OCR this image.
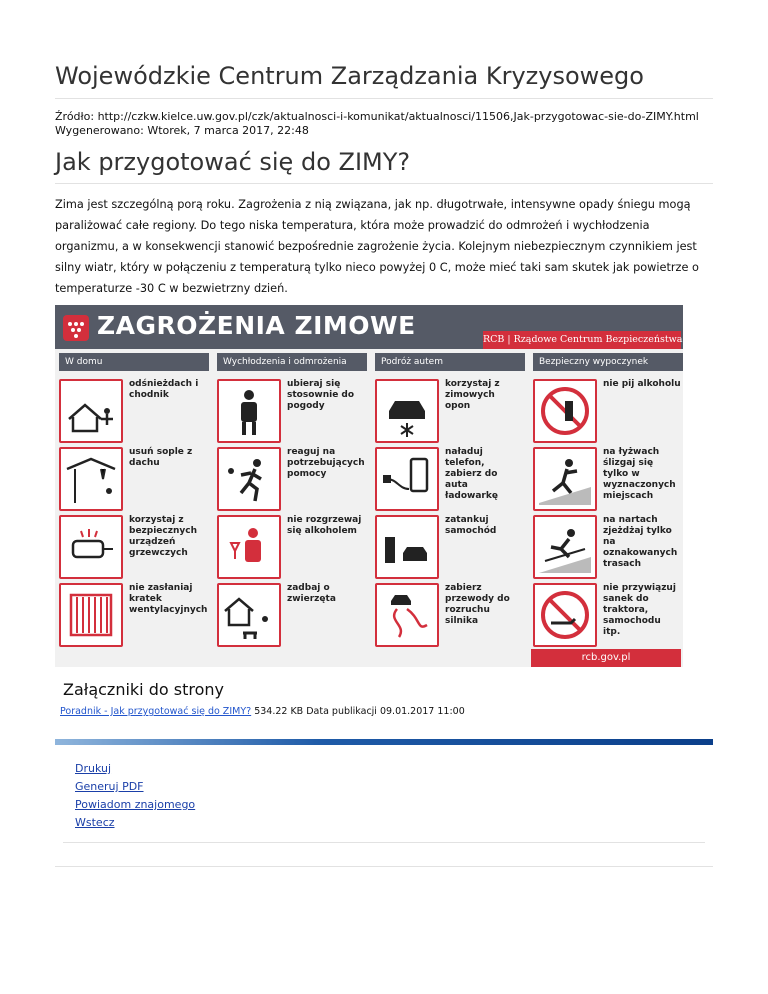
Wojewódzkie Centrum Zarządzania Kryzysowego
Źródło: http://czkw.kielce.uw.gov.pl/czk/aktualnosci-i-komunikat/aktualnosci/11506,Jak-przygotowac-sie-do-ZIMY.html
Wygenerowano: Wtorek, 7 marca 2017, 22:48
Jak przygotować się do ZIMY?
Zima jest szczególną porą roku. Zagrożenia z nią związana, jak np. długotrwałe, intensywne opady śniegu mogą paraliżować całe regiony. Do tego niska temperatura, która może prowadzić do odmrożeń i wychłodzenia organizmu, a w konsekwencji stanowić bezpośrednie zagrożenie życia. Kolejnym niebezpiecznym czynnikiem jest silny wiatr, który w połączeniu z temperaturą tylko nieco powyżej 0 C, może mieć taki sam skutek jak powietrze o temperaturze -30 C w bezwietrzny dzień.
ZAGROŻENIA ZIMOWE	RCB | Rządowe Centrum Bezpieczeństwa
W domu	Wychłodzenia i odmrożenia	Podróż autem	Bezpieczny wypoczynek
odśnieżdach i chodnik
usuń sople z dachu
korzystaj z bezpiecznych urządzeń grzewczych
nie zasłaniaj kratek wentylacyjnych
ubieraj się stosownie do pogody
reaguj na potrzebujących pomocy
nie rozgrzewaj się alkoholem
zadbaj o zwierzęta
korzystaj z zimowych opon
naładuj telefon, zabierz do auta ładowarkę
zatankuj samochód
zabierz przewody do rozruchu silnika
nie pij alkoholu
na łyżwach ślizgaj się tylko w wyznaczonych miejscach
na nartach zjeżdżaj tylko na oznakowanych trasach
nie przywiązuj sanek do traktora, samochodu itp.
rcb.gov.pl
Załączniki do strony
Poradnik - Jak przygotować się do ZIMY? 534.22 KB Data publikacji 09.01.2017 11:00
Drukuj
Generuj PDF
Powiadom znajomego
Wstecz
